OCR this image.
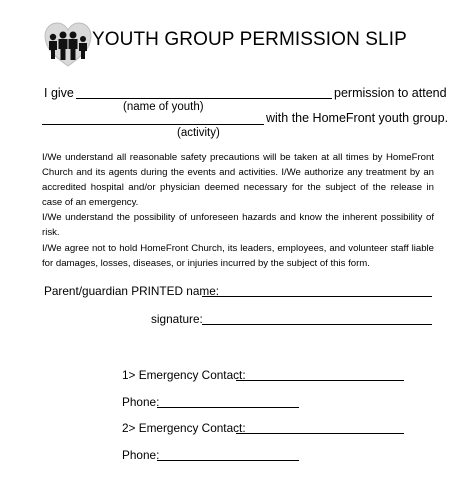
YOUTH GROUP PERMISSION SLIP
I give	permission to attend
(name of youth)
with the HomeFront youth group.
(activity)

I/We understand all reasonable safety precautions will be taken at all times by HomeFront Church and its agents during the events and activities. I/We authorize any treatment by an accredited hospital and/or physician deemed necessary for the subject of the release in case of an emergency.

I/We understand the possibility of unforeseen hazards and know the inherent possibility of risk.

I/We agree not to hold HomeFront Church, its leaders, employees, and volunteer staff liable for damages, losses, diseases, or injuries incurred by the subject of this form.

Parent/guardian PRINTED name:
signature:
1> Emergency Contact:
Phone:
2> Emergency Contact:
Phone:
